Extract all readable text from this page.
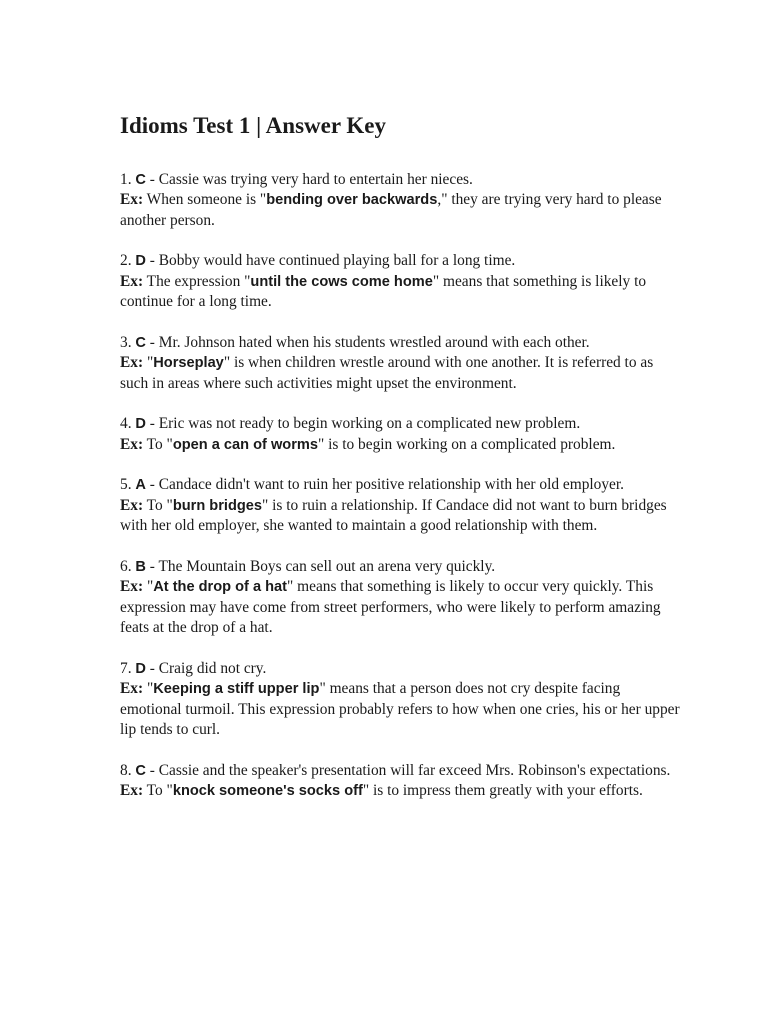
Idioms Test 1 | Answer Key

1. C - Cassie was trying very hard to entertain her nieces.

Ex: When someone is "bending over backwards," they are trying very hard to please another person.

2. D - Bobby would have continued playing ball for a long time.

Ex: The expression "until the cows come home" means that something is likely to continue for a long time.

3. C - Mr. Johnson hated when his students wrestled around with each other.

Ex: "Horseplay" is when children wrestle around with one another. It is referred to as such in areas where such activities might upset the environment.

4. D - Eric was not ready to begin working on a complicated new problem.

Ex: To "open a can of worms" is to begin working on a complicated problem.

5. A - Candace didn't want to ruin her positive relationship with her old employer.

Ex: To "burn bridges" is to ruin a relationship. If Candace did not want to burn bridges with her old employer, she wanted to maintain a good relationship with them.

6. B - The Mountain Boys can sell out an arena very quickly.

Ex: "At the drop of a hat" means that something is likely to occur very quickly. This expression may have come from street performers, who were likely to perform amazing feats at the drop of a hat.

7. D - Craig did not cry.

Ex: "Keeping a stiff upper lip" means that a person does not cry despite facing emotional turmoil. This expression probably refers to how when one cries, his or her upper lip tends to curl.

8. C - Cassie and the speaker's presentation will far exceed Mrs. Robinson's expectations.

Ex: To "knock someone's socks off" is to impress them greatly with your efforts.
